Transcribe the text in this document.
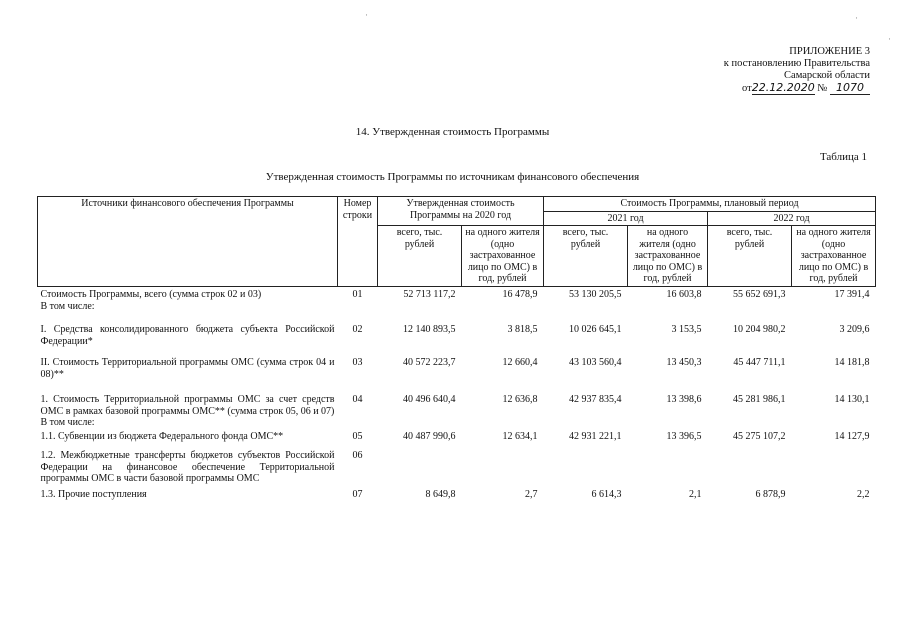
ПРИЛОЖЕНИЕ 3
к постановлению Правительства
Самарской области
от22.12.2020 № 1070
14. Утвержденная стоимость Программы
Таблица 1
Утвержденная стоимость Программы по источникам финансового обеспечения
Источники финансового обеспечения Программы	Номер строки	Утвержденная стоимость Программы на 2020 год		Стоимость Программы, плановый период			
				2021 год		2022 год	
		всего, тыс. рублей	на одного жителя (одно застрахованное лицо по ОМС) в год, рублей	всего, тыс. рублей	на одного жителя (одно застрахованное лицо по ОМС) в год, рублей	всего, тыс. рублей	на одного жителя (одно застрахованное лицо по ОМС) в год, рублей

Стоимость Программы, всего (сумма строк 02 и 03)
В том числе:	01	52 713 117,2	16 478,9	53 130 205,5	16 603,8	55 652 691,3	17 391,4

I. Средства консолидированного бюджета субъекта Российской Федерации*	02	12 140 893,5	3 818,5	10 026 645,1	3 153,5	10 204 980,2	3 209,6

II. Стоимость Территориальной программы ОМС (сумма строк 04 и 08)**	03	40 572 223,7	12 660,4	43 103 560,4	13 450,3	45 447 711,1	14 181,8

1. Стоимость Территориальной программы ОМС за счет средств ОМС в рамках базовой программы ОМС** (сумма строк 05, 06 и 07)
В том числе:	04	40 496 640,4	12 636,8	42 937 835,4	13 398,6	45 281 986,1	14 130,1

1.1. Субвенции из бюджета Федерального фонда ОМС**	05	40 487 990,6	12 634,1	42 931 221,1	13 396,5	45 275 107,2	14 127,9

1.2. Межбюджетные трансферты бюджетов субъектов Российской Федерации на финансовое обеспечение Территориальной программы ОМС в части базовой программы ОМС	06						

1.3. Прочие поступления	07	8 649,8	2,7	6 614,3	2,1	6 878,9	2,2
·
·
·
